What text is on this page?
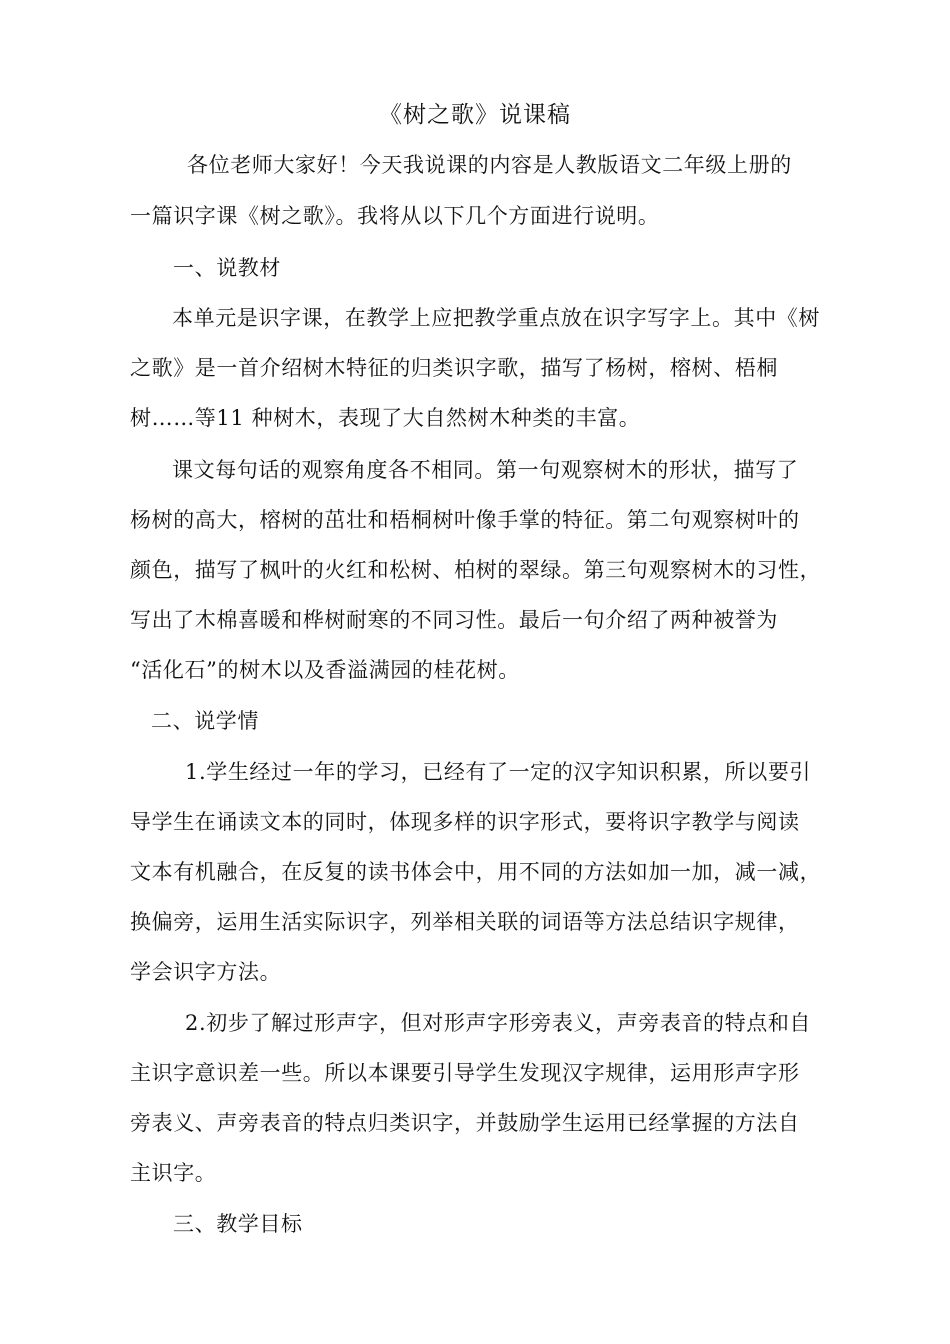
《树之歌》说课稿
各位老师大家好！今天我说课的内容是人教版语文二年级上册的
一篇识字课《树之歌》。我将从以下几个方面进行说明。
一、说教材
本单元是识字课，在教学上应把教学重点放在识字写字上。其中《树
之歌》是一首介绍树木特征的归类识字歌，描写了杨树，榕树、梧桐
树……等11 种树木，表现了大自然树木种类的丰富。
课文每句话的观察角度各不相同。第一句观察树木的形状，描写了
杨树的高大，榕树的茁壮和梧桐树叶像手掌的特征。第二句观察树叶的
颜色，描写了枫叶的火红和松树、柏树的翠绿。第三句观察树木的习性，
写出了木棉喜暖和桦树耐寒的不同习性。最后一句介绍了两种被誉为
“活化石”的树木以及香溢满园的桂花树。
二、说学情
1.学生经过一年的学习，已经有了一定的汉字知识积累，所以要引
导学生在诵读文本的同时，体现多样的识字形式，要将识字教学与阅读
文本有机融合，在反复的读书体会中，用不同的方法如加一加，减一减，
换偏旁，运用生活实际识字，列举相关联的词语等方法总结识字规律，
学会识字方法。
2.初步了解过形声字，但对形声字形旁表义，声旁表音的特点和自
主识字意识差一些。所以本课要引导学生发现汉字规律，运用形声字形
旁表义、声旁表音的特点归类识字，并鼓励学生运用已经掌握的方法自
主识字。
三、教学目标
